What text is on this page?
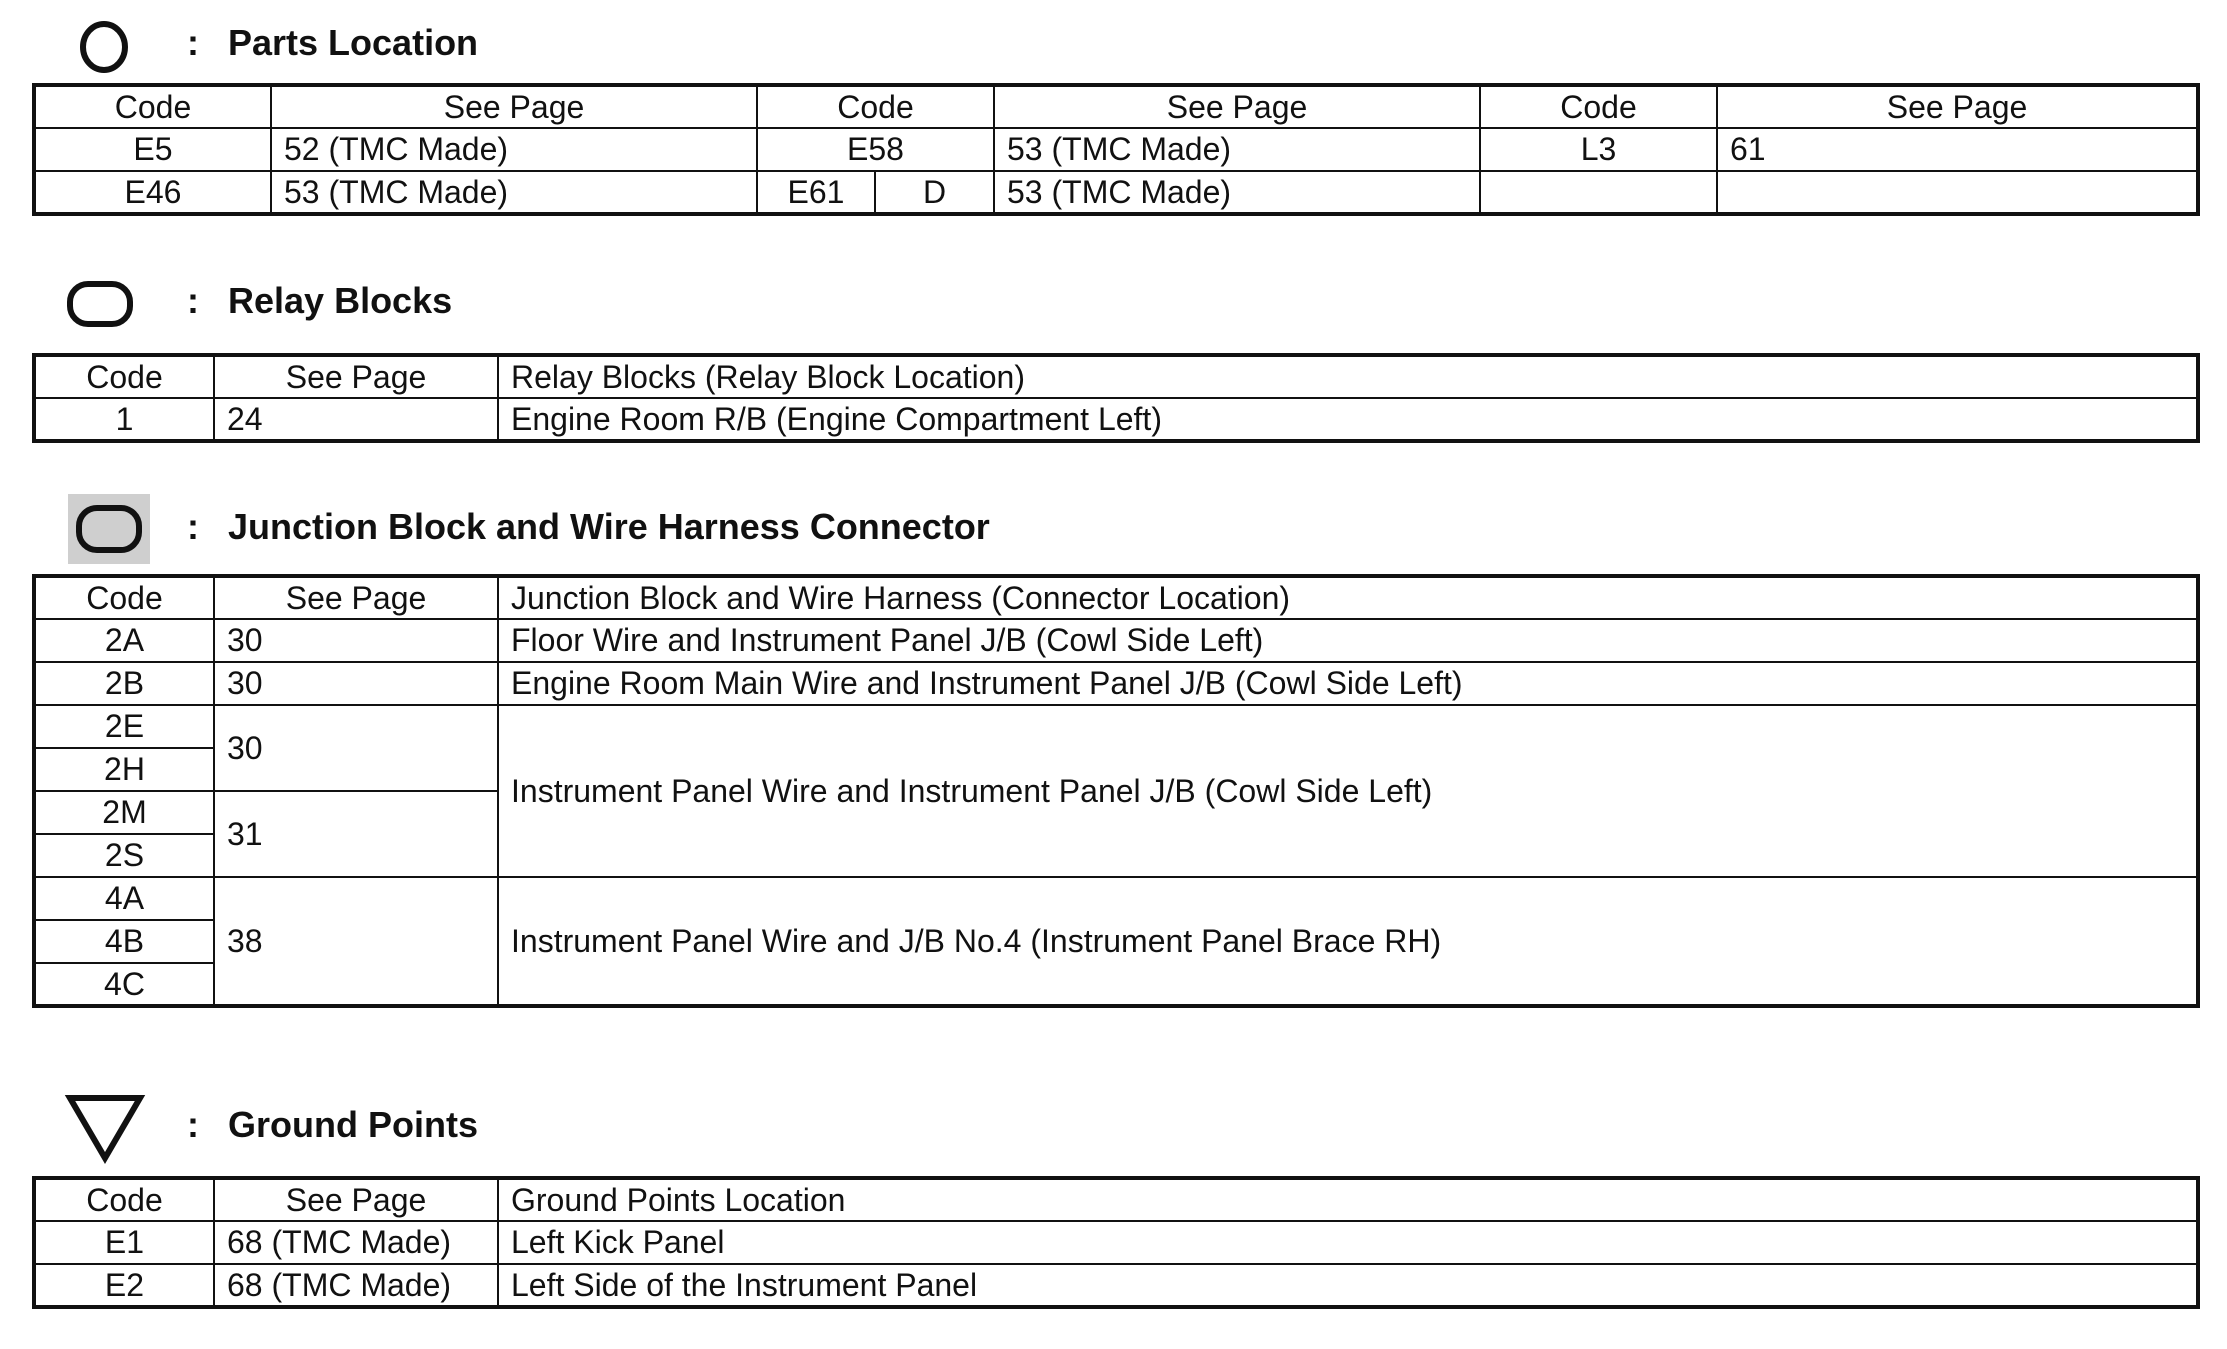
: Parts Location
Code	See Page	Code		See Page	Code	See Page
E5	52 (TMC Made)	E58		53 (TMC Made)	L3	61
E46	53 (TMC Made)	E61	D	53 (TMC Made)		
: Relay Blocks
Code	See Page	Relay Blocks (Relay Block Location)
1	24	Engine Room R/B (Engine Compartment Left)
: Junction Block and Wire Harness Connector
Code	See Page	Junction Block and Wire Harness (Connector Location)
2A	30	Floor Wire and Instrument Panel J/B (Cowl Side Left)
2B	30	Engine Room Main Wire and Instrument Panel J/B (Cowl Side Left)
2E	30	Instrument Panel Wire and Instrument Panel J/B (Cowl Side Left)
2H		
2M	31	
2S		
4A	38	Instrument Panel Wire and J/B No.4 (Instrument Panel Brace RH)
4B		
4C		
: Ground Points
Code	See Page	Ground Points Location
E1	68 (TMC Made)	Left Kick Panel
E2	68 (TMC Made)	Left Side of the Instrument Panel
